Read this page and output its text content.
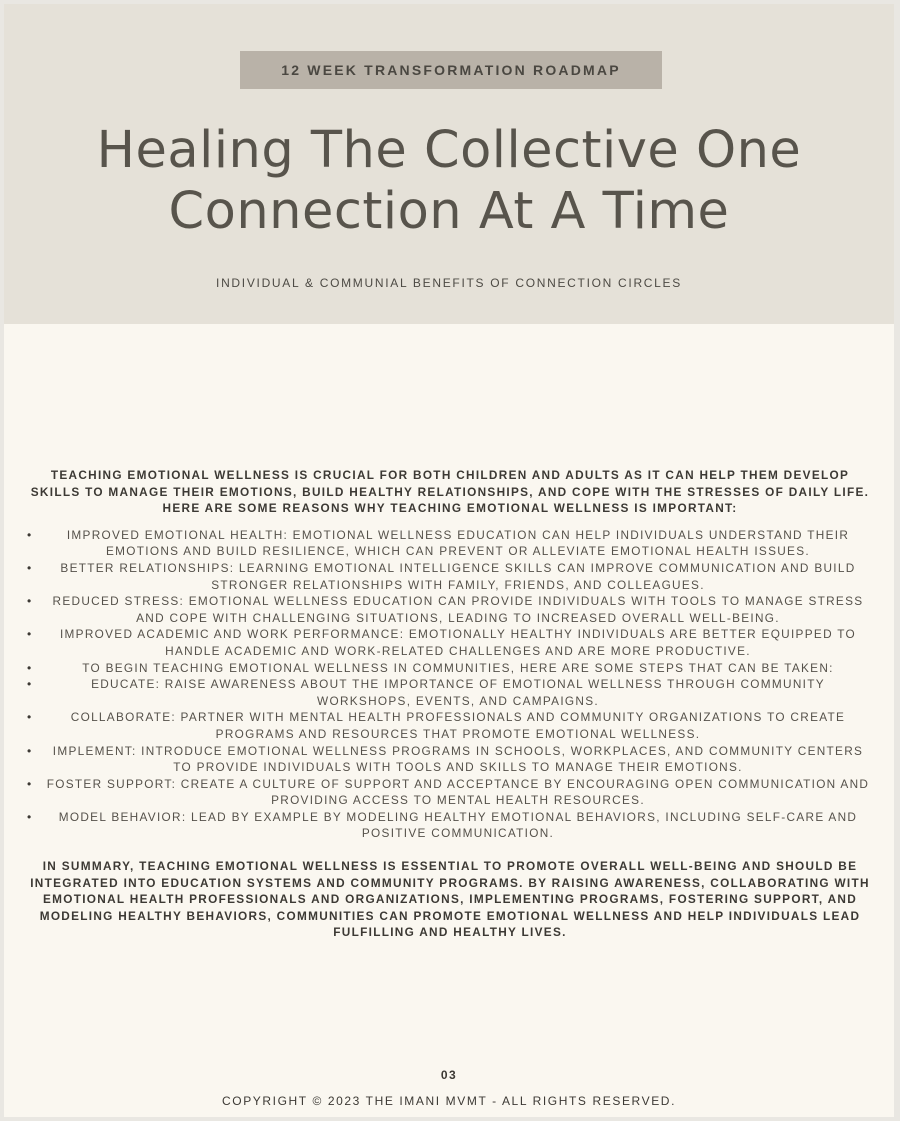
12 WEEK TRANSFORMATION ROADMAP
Healing The Collective One
Connection At A Time
INDIVIDUAL & COMMUNIAL BENEFITS OF CONNECTION CIRCLES

TEACHING EMOTIONAL WELLNESS IS CRUCIAL FOR BOTH CHILDREN AND ADULTS AS IT CAN HELP THEM DEVELOP SKILLS TO MANAGE THEIR EMOTIONS, BUILD HEALTHY RELATIONSHIPS, AND COPE WITH THE STRESSES OF DAILY LIFE. HERE ARE SOME REASONS WHY TEACHING EMOTIONAL WELLNESS IS IMPORTANT:

•	IMPROVED EMOTIONAL HEALTH: EMOTIONAL WELLNESS EDUCATION CAN HELP INDIVIDUALS UNDERSTAND THEIR EMOTIONS AND BUILD RESILIENCE, WHICH CAN PREVENT OR ALLEVIATE EMOTIONAL HEALTH ISSUES.
• BETTER RELATIONSHIPS: LEARNING EMOTIONAL INTELLIGENCE SKILLS CAN IMPROVE COMMUNICATION AND BUILD STRONGER RELATIONSHIPS WITH FAMILY, FRIENDS, AND COLLEAGUES.
• REDUCED STRESS: EMOTIONAL WELLNESS EDUCATION CAN PROVIDE INDIVIDUALS WITH TOOLS TO MANAGE STRESS AND COPE WITH CHALLENGING SITUATIONS, LEADING TO INCREASED OVERALL WELL-BEING.
• IMPROVED ACADEMIC AND WORK PERFORMANCE: EMOTIONALLY HEALTHY INDIVIDUALS ARE BETTER EQUIPPED TO HANDLE ACADEMIC AND WORK-RELATED CHALLENGES AND ARE MORE PRODUCTIVE.
•	TO BEGIN TEACHING EMOTIONAL WELLNESS IN COMMUNITIES, HERE ARE SOME STEPS THAT CAN BE TAKEN:
•	EDUCATE: RAISE AWARENESS ABOUT THE IMPORTANCE OF EMOTIONAL WELLNESS THROUGH COMMUNITY WORKSHOPS, EVENTS, AND CAMPAIGNS.
•	COLLABORATE: PARTNER WITH MENTAL HEALTH PROFESSIONALS AND COMMUNITY ORGANIZATIONS TO CREATE PROGRAMS AND RESOURCES THAT PROMOTE EMOTIONAL WELLNESS.
• IMPLEMENT: INTRODUCE EMOTIONAL WELLNESS PROGRAMS IN SCHOOLS, WORKPLACES, AND COMMUNITY CENTERS TO PROVIDE INDIVIDUALS WITH TOOLS AND SKILLS TO MANAGE THEIR EMOTIONS.
• FOSTER SUPPORT: CREATE A CULTURE OF SUPPORT AND ACCEPTANCE BY ENCOURAGING OPEN COMMUNICATION AND PROVIDING ACCESS TO MENTAL HEALTH RESOURCES.
• MODEL BEHAVIOR: LEAD BY EXAMPLE BY MODELING HEALTHY EMOTIONAL BEHAVIORS, INCLUDING SELF-CARE AND POSITIVE COMMUNICATION.

IN SUMMARY, TEACHING EMOTIONAL WELLNESS IS ESSENTIAL TO PROMOTE OVERALL WELL-BEING AND SHOULD BE INTEGRATED INTO EDUCATION SYSTEMS AND COMMUNITY PROGRAMS. BY RAISING AWARENESS, COLLABORATING WITH EMOTIONAL HEALTH PROFESSIONALS AND ORGANIZATIONS, IMPLEMENTING PROGRAMS, FOSTERING SUPPORT, AND MODELING HEALTHY BEHAVIORS, COMMUNITIES CAN PROMOTE EMOTIONAL WELLNESS AND HELP INDIVIDUALS LEAD FULFILLING AND HEALTHY LIVES.

03
COPYRIGHT © 2023 THE IMANI MVMT - ALL RIGHTS RESERVED.
